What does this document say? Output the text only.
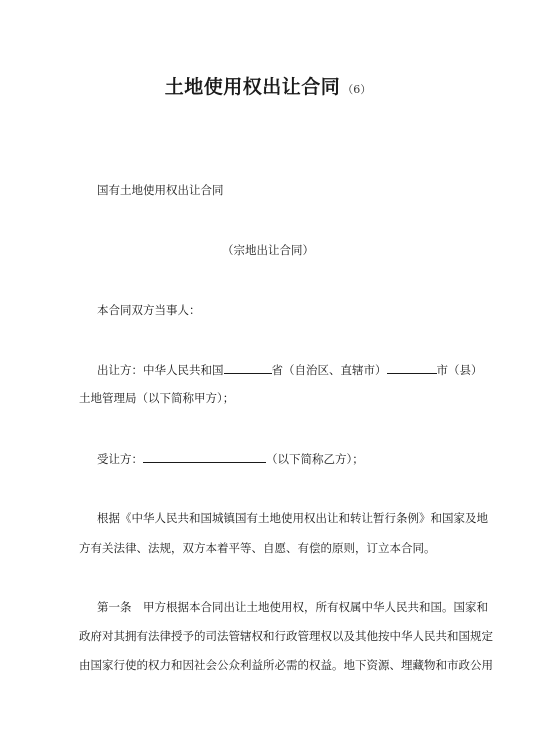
土地使用权出让合同 （6）
国有土地使用权出让合同
（宗地出让合同）
本合同双方当事人：
出让方：中华人民共和国	省（自治区、直辖市）	市（县）
土地管理局（以下简称甲方）；
受让方：	（以下简称乙方）；
根据《中华人民共和国城镇国有土地使用权出让和转让暂行条例》和国家及地
方有关法律、法规，双方本着平等、自愿、有偿的原则，订立本合同。
第一条　甲方根据本合同出让土地使用权，所有权属中华人民共和国。国家和
政府对其拥有法律授予的司法管辖权和行政管理权以及其他按中华人民共和国规定
由国家行使的权力和因社会公众利益所必需的权益。地下资源、埋藏物和市政公用
